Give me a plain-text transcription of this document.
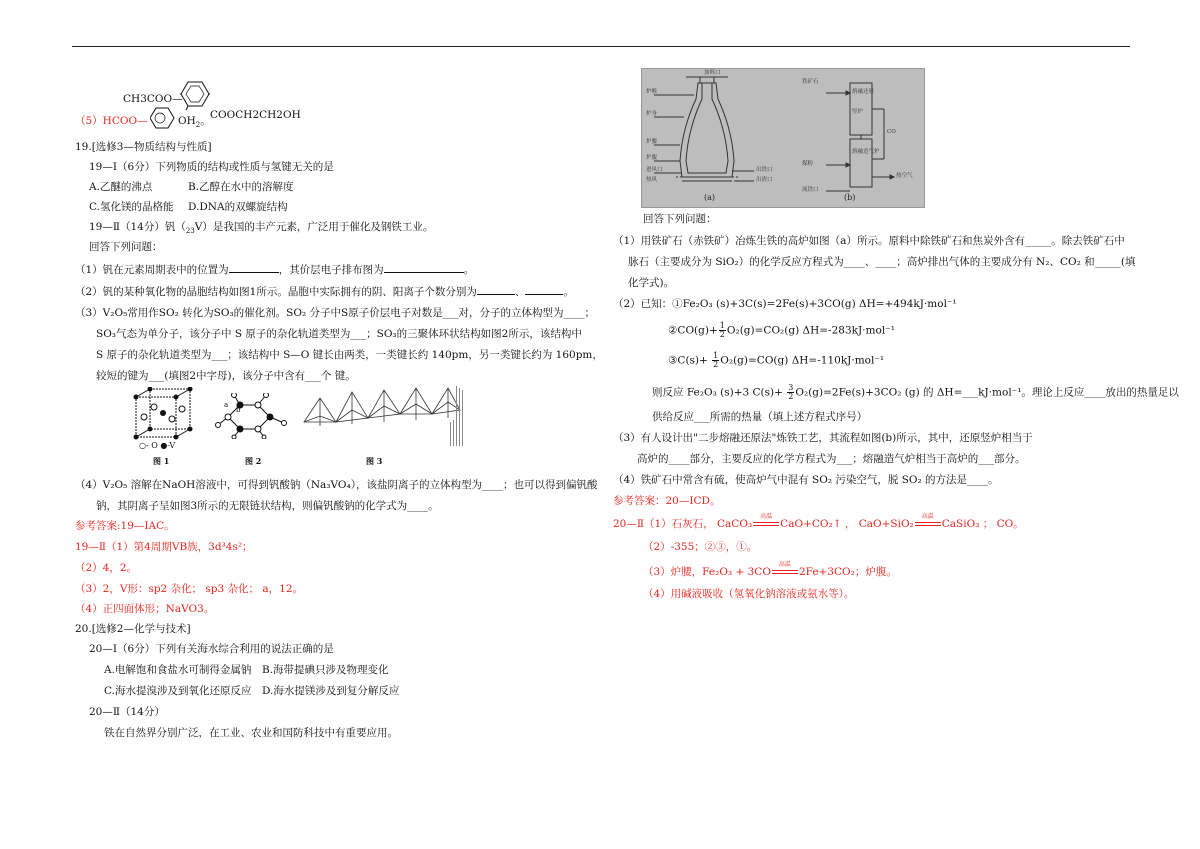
CH3COO—
COOCH2CH2OH
（5）HCOO—	$OH_2$。
19.[选修3—物质结构与性质]
19—Ⅰ（6分）下列物质的结构或性质与氢键无关的是
A.乙醚的沸点	B.乙醇在水中的溶解度
C.氢化镁的晶格能 D.DNA的双螺旋结构
19—Ⅱ（14分）钒$(_{23}V)$是我国的丰产元素，广泛用于催化及钢铁工业。
回答下列问题：
（1）钒在元素周期表中的位置为	，其价层电子排布图为	。
（2）钒的某种氧化物的晶胞结构如图1所示。晶胞中实际拥有的阴、阳离子个数分别为	、	。
（3）V₂O₅常用作SO₂ 转化为SO₃的催化剂。SO₂ 分子中S原子价层电子对数是___对，分子的立体构型为____；
SO₃气态为单分子，该分子中 S 原子的杂化轨道类型为___；SO₃的三聚体环状结构如图2所示，该结构中
S 原子的杂化轨道类型为___；该结构中 S—O 键长由两类，一类键长约 140pm，另一类键长约为 160pm，
较短的键为___(填图2中字母)，该分子中含有___个 键。
○- O ●-V
图 1
a
b
图 2	图 3
（4）V₂O₅ 溶解在NaOH溶液中，可得到钒酸钠（Na₃VO₄），该盐阴离子的立体构型为____；也可以得到偏钒酸
钠，其阴离子呈如图3所示的无限链状结构，则偏钒酸钠的化学式为____。
参考答案:19—ⅠAC。
19—Ⅱ（1）第4周期ⅤB族，3d³4s²；
（2）4，2。
（3）2，V形：sp2 杂化； sp3 杂化； a，12。
（4）正四面体形；NaVO3。
20.[选修2—化学与技术]
20—Ⅰ（6分）下列有关海水综合利用的说法正确的是
A.电解饱和食盐水可制得金属钠 B.海带提碘只涉及物理变化
C.海水提溴涉及到氧化还原反应 D.海水提镁涉及到复分解反应
20—Ⅱ（14分）
铁在自然界分别广泛，在工业、农业和国防科技中有重要应用。
加料口
炉喉
炉身
炉腰
炉腹
出铁口
出渣口
进风口
热风
(a)
铁矿石
熔融还原
竖炉
熔融造气炉
CO
煤粉
热空气
流铁口
(b)
回答下列问题：
（1）用铁矿石（赤铁矿）冶炼生铁的高炉如图（a）所示。原料中除铁矿石和焦炭外含有_____。除去铁矿石中
脉石（主要成分为 SiO₂）的化学反应方程式为____、____；高炉排出气体的主要成分有 N₂、CO₂ 和_____(填
化学式)。
（2）已知：①Fe₂O₃ (s)+3C(s)=2Fe(s)+3CO(g) ΔH=+494kJ·mol⁻¹
②CO(g)+ $\frac{1}{2} O_2(g)=CO_2(g)$ ΔH=-283kJ·mol⁻¹
③C(s)+ $\frac{1}{2} O_2(g)=CO(g)$ ΔH=-110kJ·mol⁻¹
则反应 Fe₂O₃ (s)+3 $C(s)+ \frac{3}{2} O_2(g)=2Fe(s)+3CO_2$ (g) 的 ΔH=___kJ·mol⁻¹。理论上反应____放出的热量足以
供给反应___所需的热量（填上述方程式序号）
（3）有人设计出"二步熔融还原法"炼铁工艺，其流程如图(b)所示，其中，还原竖炉相当于
高炉的____部分，主要反应的化学方程式为___；熔融造气炉相当于高炉的___部分。
（4）铁矿石中常含有硫，使高炉气中混有 SO₂ 污染空气，脱 SO₂ 的方法是____。
参考答案：20—ⅠCD。
20—Ⅱ（1）石灰石， CaCO₃
高温
CaO+CO₂↑ ， CaO+SiO₂
高温
CaSiO₃ ； CO。
（2）-355；②③，①。
（3）炉腰，Fe₂O₃ + 3CO
高温
2Fe+3CO₂；炉腹。
（4）用碱液吸收（氢氧化钠溶液或氨水等）。
